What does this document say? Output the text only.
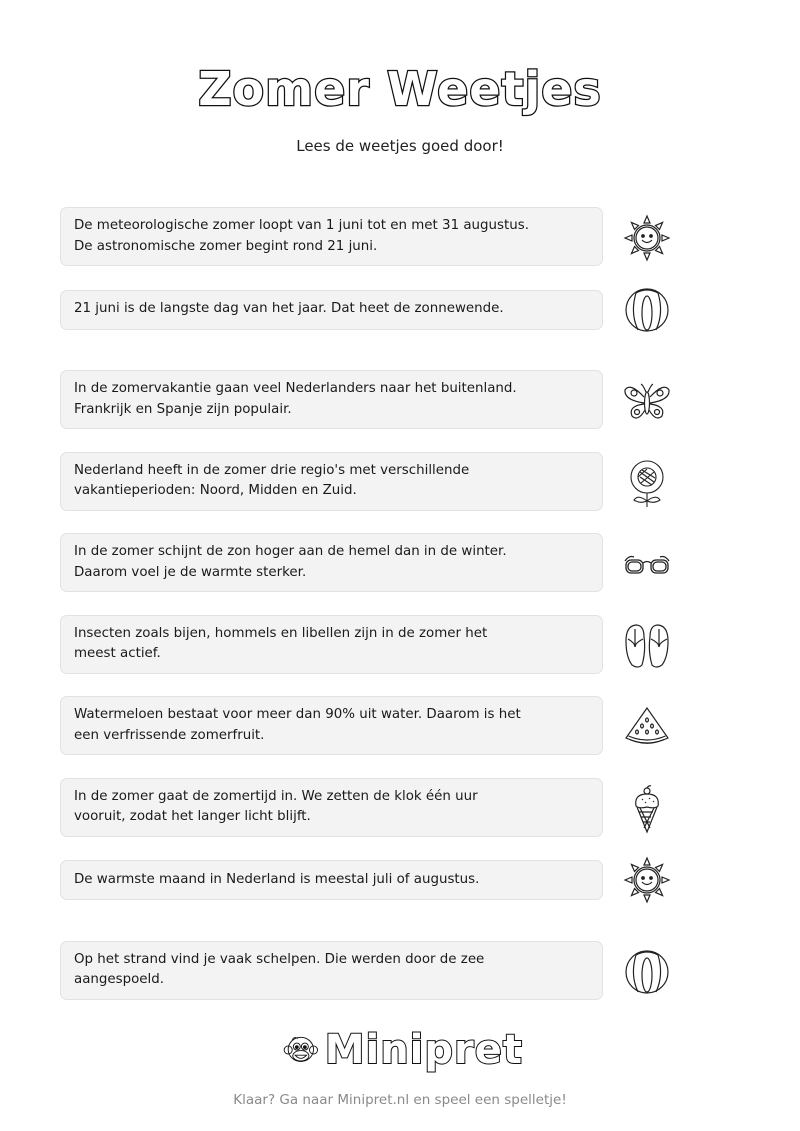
Zomer Weetjes
Lees de weetjes goed door!
De meteorologische zomer loopt van 1 juni tot en met 31 augustus. De astronomische zomer begint rond 21 juni.
21 juni is de langste dag van het jaar. Dat heet de zonnewende.
In de zomervakantie gaan veel Nederlanders naar het buitenland. Frankrijk en Spanje zijn populair.
Nederland heeft in de zomer drie regio's met verschillende vakantieperioden: Noord, Midden en Zuid.
In de zomer schijnt de zon hoger aan de hemel dan in de winter. Daarom voel je de warmte sterker.
Insecten zoals bijen, hommels en libellen zijn in de zomer het meest actief.
Watermeloen bestaat voor meer dan 90% uit water. Daarom is het een verfrissende zomerfruit.
In de zomer gaat de zomertijd in. We zetten de klok één uur vooruit, zodat het langer licht blijft.
De warmste maand in Nederland is meestal juli of augustus.
Op het strand vind je vaak schelpen. Die werden door de zee aangespoeld.
Minipret
Klaar? Ga naar Minipret.nl en speel een spelletje!
